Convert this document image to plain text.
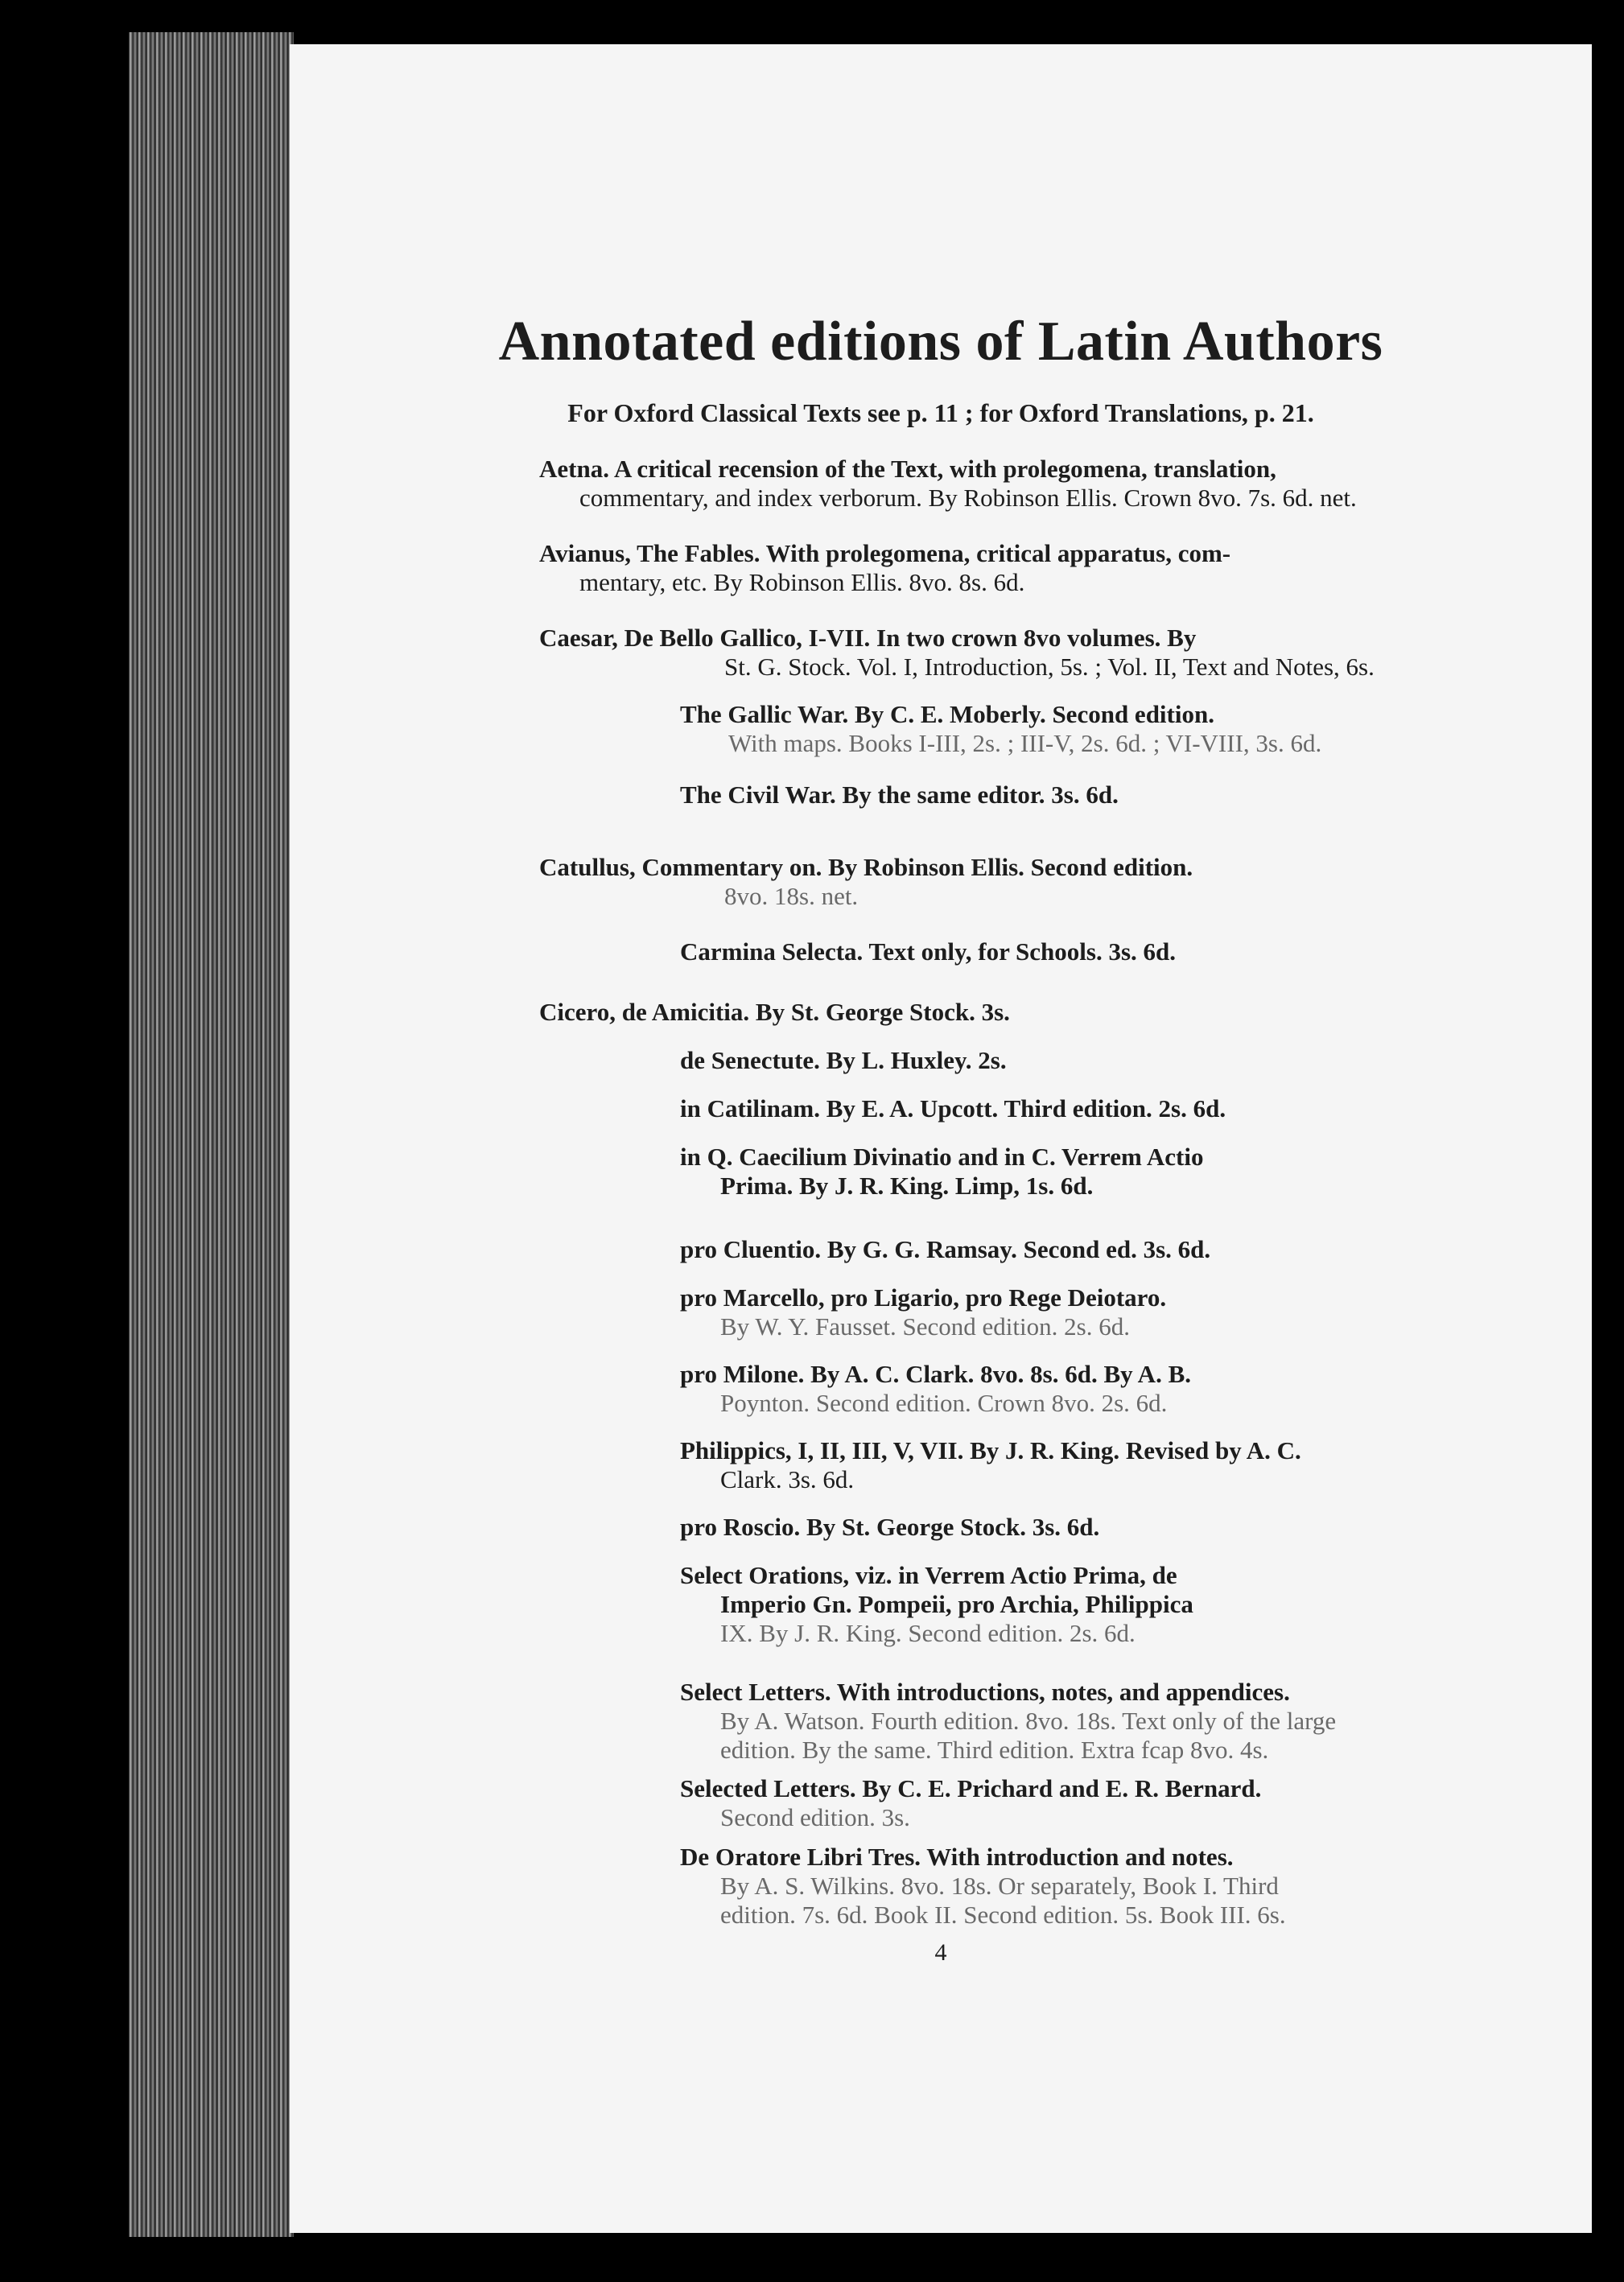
Annotated editions of Latin Authors
For Oxford Classical Texts see p. 11 ; for Oxford Translations, p. 21.
Aetna. A critical recension of the Text, with prolegomena, translation,
commentary, and index verborum. By Robinson Ellis. Crown 8vo. 7s. 6d. net.
Avianus, The Fables. With prolegomena, critical apparatus, com-
mentary, etc. By Robinson Ellis. 8vo. 8s. 6d.
Caesar, De Bello Gallico, I-VII. In two crown 8vo volumes. By
St. G. Stock. Vol. I, Introduction, 5s. ; Vol. II, Text and Notes, 6s.
The Gallic War. By C. E. Moberly. Second edition.
With maps. Books I-III, 2s. ; III-V, 2s. 6d. ; VI-VIII, 3s. 6d.
The Civil War. By the same editor. 3s. 6d.
Catullus, Commentary on. By Robinson Ellis. Second edition.
8vo. 18s. net.
Carmina Selecta. Text only, for Schools. 3s. 6d.
Cicero, de Amicitia. By St. George Stock. 3s.
de Senectute. By L. Huxley. 2s.
in Catilinam. By E. A. Upcott. Third edition. 2s. 6d.
in Q. Caecilium Divinatio and in C. Verrem Actio
Prima. By J. R. King. Limp, 1s. 6d.
pro Cluentio. By G. G. Ramsay. Second ed. 3s. 6d.
pro Marcello, pro Ligario, pro Rege Deiotaro.
By W. Y. Fausset. Second edition. 2s. 6d.
pro Milone. By A. C. Clark. 8vo. 8s. 6d. By A. B.
Poynton. Second edition. Crown 8vo. 2s. 6d.
Philippics, I, II, III, V, VII. By J. R. King. Revised by A. C.
Clark. 3s. 6d.
pro Roscio. By St. George Stock. 3s. 6d.
Select Orations, viz. in Verrem Actio Prima, de
Imperio Gn. Pompeii, pro Archia, Philippica
IX. By J. R. King. Second edition. 2s. 6d.
Select Letters. With introductions, notes, and appendices.
By A. Watson. Fourth edition. 8vo. 18s. Text only of the large
edition. By the same. Third edition. Extra fcap 8vo. 4s.
Selected Letters. By C. E. Prichard and E. R. Bernard.
Second edition. 3s.
De Oratore Libri Tres. With introduction and notes.
By A. S. Wilkins. 8vo. 18s. Or separately, Book I. Third
edition. 7s. 6d. Book II. Second edition. 5s. Book III. 6s.
4
